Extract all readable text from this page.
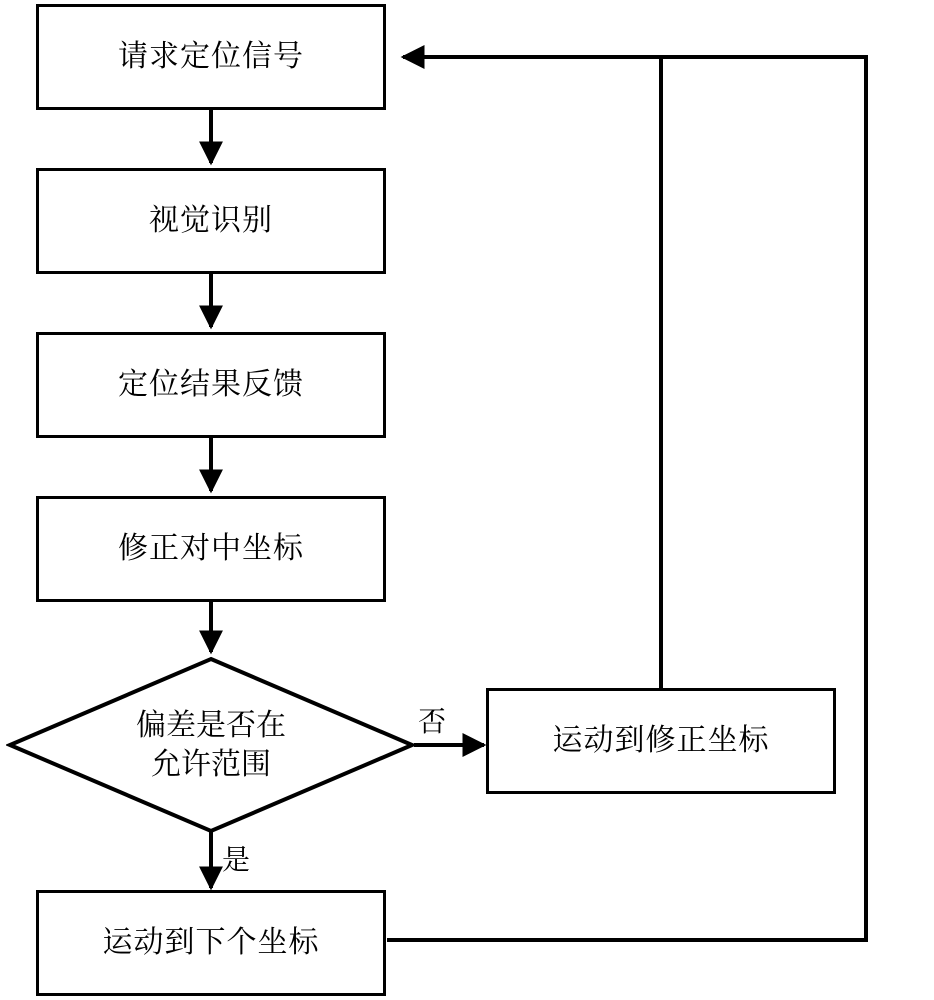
请求定位信号
视觉识别
定位结果反馈
修正对中坐标
偏差是否在
允许范围
运动到修正坐标
运动到下个坐标
否
是
